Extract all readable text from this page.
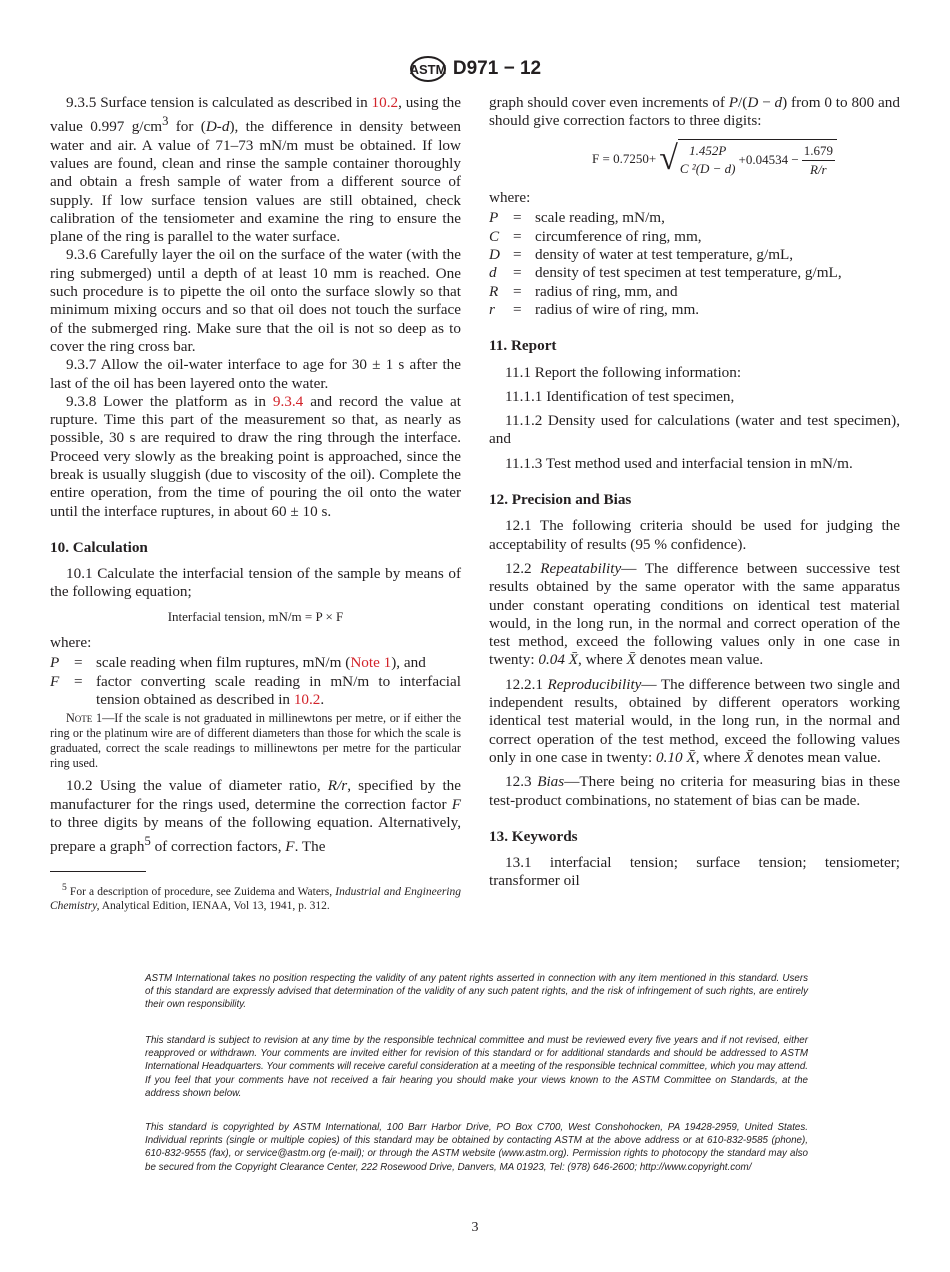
ASTM D971 − 12

9.3.5 Surface tension is calculated as described in 10.2, using the value 0.997 $g/cm^3$ for (D-d), the difference in density between water and air. A value of 71–73 mN/m must be obtained. If low values are found, clean and rinse the sample container thoroughly and obtain a fresh sample of water from a different source of supply. If low surface tension values are still obtained, check calibration of the tensiometer and examine the ring to ensure the plane of the ring is parallel to the water surface.

9.3.6 Carefully layer the oil on the surface of the water (with the ring submerged) until a depth of at least 10 mm is reached. One such procedure is to pipette the oil onto the surface slowly so that minimum mixing occurs and so that oil does not touch the surface of the submerged ring. Make sure that the oil is not so deep as to cover the ring cross bar.

9.3.7 Allow the oil-water interface to age for 30 ± 1 s after the last of the oil has been layered onto the water.

9.3.8 Lower the platform as in 9.3.4 and record the value at rupture. Time this part of the measurement so that, as nearly as possible, 30 s are required to draw the ring through the interface. Proceed very slowly as the breaking point is approached, since the break is usually sluggish (due to viscosity of the oil). Complete the entire operation, from the time of pouring the oil onto the water until the interface ruptures, in about 60 ± 10 s.

10. Calculation

10.1 Calculate the interfacial tension of the sample by means of the following equation;

Interfacial tension, mN/m = P × F
where:
P = scale reading when film ruptures, mN/m (Note 1), and
F = factor converting scale reading in mN/m to interfacial tension obtained as described in 10.2.
Note 1—If the scale is not graduated in millinewtons per metre, or if either the ring or the platinum wire are of different diameters than those for which the scale is graduated, correct the scale readings to millinewtons per metre for the particular ring used.

10.2 Using the value of diameter ratio, R/r, specified by the manufacturer for the rings used, determine the correction factor F to three digits by means of the following equation. Alternatively, prepare a graph$^5$ of correction factors, F. The

$^5$ For a description of procedure, see Zuidema and Waters, Industrial and Engineering Chemistry, Analytical Edition, IENAA, Vol 13, 1941, p. 312.
graph should cover even increments of P/(D − d) from 0 to 800 and should give correction factors to three digits:
F = 0.7250+ √ 1.452P
C ²(D − d)
$+0.04534 - \frac{1.679}{R/r}$
where:
P = scale reading, mN/m,
C = circumference of ring, mm,
D = density of water at test temperature, g/mL,
d	= density of test specimen at test temperature, g/mL,
R = radius of ring, mm, and
r	= radius of wire of ring, mm.
11. Report

11.1 Report the following information:

11.1.1 Identification of test specimen,

11.1.2 Density used for calculations (water and test specimen), and

11.1.3 Test method used and interfacial tension in mN/m.

12. Precision and Bias

12.1 The following criteria should be used for judging the acceptability of results (95 % confidence).

12.2 Repeatability— The difference between successive test results obtained by the same operator with the same apparatus under constant operating conditions on identical test material would, in the long run, in the normal and correct operation of the test method, exceed the following values only in one case in twenty: 0.04 X̄, where X̄ denotes mean value.

12.2.1 Reproducibility— The difference between two single and independent results, obtained by different operators working identical test material would, in the long run, in the normal and correct operation of the test method, exceed the following values only in one case in twenty: 0.10 X̄, where X̄ denotes mean value.

12.3 Bias—There being no criteria for measuring bias in these test-product combinations, no statement of bias can be made.

13. Keywords

13.1 interfacial tension; surface tension; tensiometer; transformer oil

ASTM International takes no position respecting the validity of any patent rights asserted in connection with any item mentioned in this standard. Users of this standard are expressly advised that determination of the validity of any such patent rights, and the risk of infringement of such rights, are entirely their own responsibility.
This standard is subject to revision at any time by the responsible technical committee and must be reviewed every five years and if not revised, either reapproved or withdrawn. Your comments are invited either for revision of this standard or for additional standards and should be addressed to ASTM International Headquarters. Your comments will receive careful consideration at a meeting of the responsible technical committee, which you may attend. If you feel that your comments have not received a fair hearing you should make your views known to the ASTM Committee on Standards, at the address shown below.
This standard is copyrighted by ASTM International, 100 Barr Harbor Drive, PO Box C700, West Conshohocken, PA 19428-2959, United States. Individual reprints (single or multiple copies) of this standard may be obtained by contacting ASTM at the above address or at 610-832-9585 (phone), 610-832-9555 (fax), or service@astm.org (e-mail); or through the ASTM website (www.astm.org). Permission rights to photocopy the standard may also be secured from the Copyright Clearance Center, 222 Rosewood Drive, Danvers, MA 01923, Tel: (978) 646-2600; http://www.copyright.com/
3
